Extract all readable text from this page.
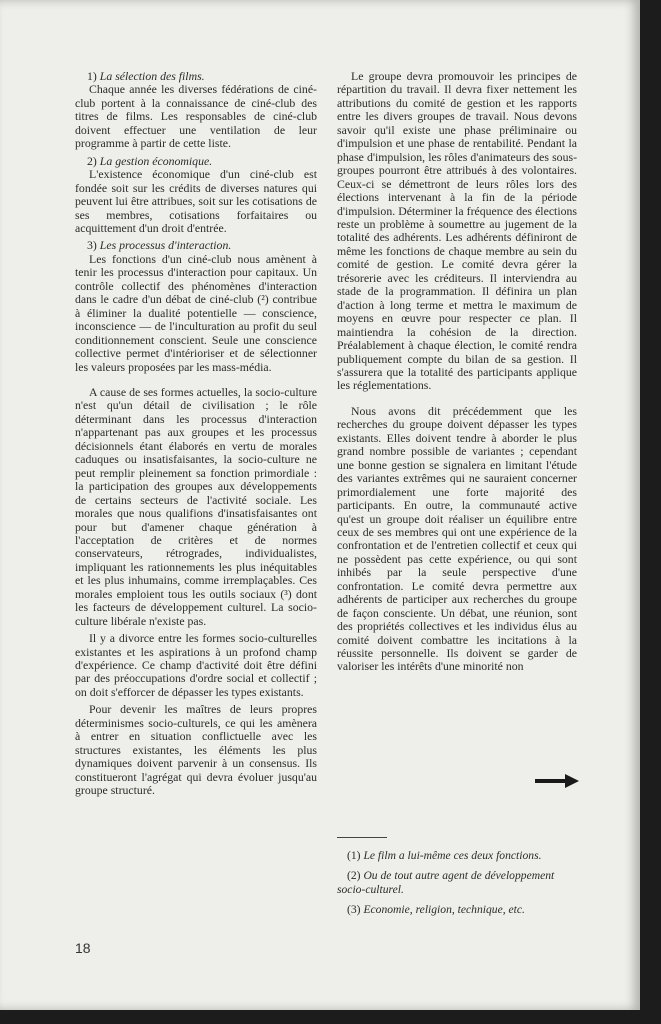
1) La sélection des films.

Chaque année les diverses fédérations de ciné-club portent à la connaissance de ciné-club des titres de films. Les responsables de ciné-club doivent effectuer une ventilation de leur programme à partir de cette liste.

2) La gestion économique.

L'existence économique d'un ciné-club est fondée soit sur les crédits de diverses natures qui peuvent lui être attribues, soit sur les cotisations de ses membres, cotisations forfaitaires ou acquittement d'un droit d'entrée.

3) Les processus d'interaction.

Les fonctions d'un ciné-club nous amènent à tenir les processus d'interaction pour capitaux. Un contrôle collectif des phénomènes d'interaction dans le cadre d'un débat de ciné-club (²) contribue à éliminer la dualité potentielle — conscience, inconscience — de l'inculturation au profit du seul conditionnement conscient. Seule une conscience collective permet d'intérioriser et de sélectionner les valeurs proposées par les mass-média.

A cause de ses formes actuelles, la socio-culture n'est qu'un détail de civilisation ; le rôle déterminant dans les processus d'interaction n'appartenant pas aux groupes et les processus décisionnels étant élaborés en vertu de morales caduques ou insatisfaisantes, la socio-culture ne peut remplir pleinement sa fonction primordiale : la participation des groupes aux développements de certains secteurs de l'activité sociale. Les morales que nous qualifions d'insatisfaisantes ont pour but d'amener chaque génération à l'acceptation de critères et de normes conservateurs, rétrogrades, individualistes, impliquant les rationnements les plus inéquitables et les plus inhumains, comme irremplaçables. Ces morales emploient tous les outils sociaux (³) dont les facteurs de développement culturel. La socio-culture libérale n'existe pas.

Il y a divorce entre les formes socio-culturelles existantes et les aspirations à un profond champ d'expérience. Ce champ d'activité doit être défini par des préoccupations d'ordre social et collectif ; on doit s'efforcer de dépasser les types existants.

Pour devenir les maîtres de leurs propres déterminismes socio-culturels, ce qui les amènera à entrer en situation conflictuelle avec les structures existantes, les éléments les plus dynamiques doivent parvenir à un consensus. Ils constitueront l'agrégat qui devra évoluer jusqu'au groupe structuré.

Le groupe devra promouvoir les principes de répartition du travail. Il devra fixer nettement les attributions du comité de gestion et les rapports entre les divers groupes de travail. Nous devons savoir qu'il existe une phase préliminaire ou d'impulsion et une phase de rentabilité. Pendant la phase d'impulsion, les rôles d'animateurs des sous-groupes pourront être attribués à des volontaires. Ceux-ci se démettront de leurs rôles lors des élections intervenant à la fin de la période d'impulsion. Déterminer la fréquence des élections reste un problème à soumettre au jugement de la totalité des adhérents. Les adhérents définiront de même les fonctions de chaque membre au sein du comité de gestion. Le comité devra gérer la trésorerie avec les créditeurs. Il interviendra au stade de la programmation. Il définira un plan d'action à long terme et mettra le maximum de moyens en œuvre pour respecter ce plan. Il maintiendra la cohésion de la direction. Préalablement à chaque élection, le comité rendra publiquement compte du bilan de sa gestion. Il s'assurera que la totalité des participants applique les réglementations.

Nous avons dit précédemment que les recherches du groupe doivent dépasser les types existants. Elles doivent tendre à aborder le plus grand nombre possible de variantes ; cependant une bonne gestion se signalera en limitant l'étude des variantes extrêmes qui ne sauraient concerner primordialement une forte majorité des participants. En outre, la communauté active qu'est un groupe doit réaliser un équilibre entre ceux de ses membres qui ont une expérience de la confrontation et de l'entretien collectif et ceux qui ne possèdent pas cette expérience, ou qui sont inhibés par la seule perspective d'une confrontation. Le comité devra permettre aux adhérents de participer aux recherches du groupe de façon consciente. Un débat, une réunion, sont des propriétés collectives et les individus élus au comité doivent combattre les incitations à la réussite personnelle. Ils doivent se garder de valoriser les intérêts d'une minorité non

(1) Le film a lui-même ces deux fonctions.

(2) Ou de tout autre agent de développement socio-culturel.

(3) Economie, religion, technique, etc.

18
